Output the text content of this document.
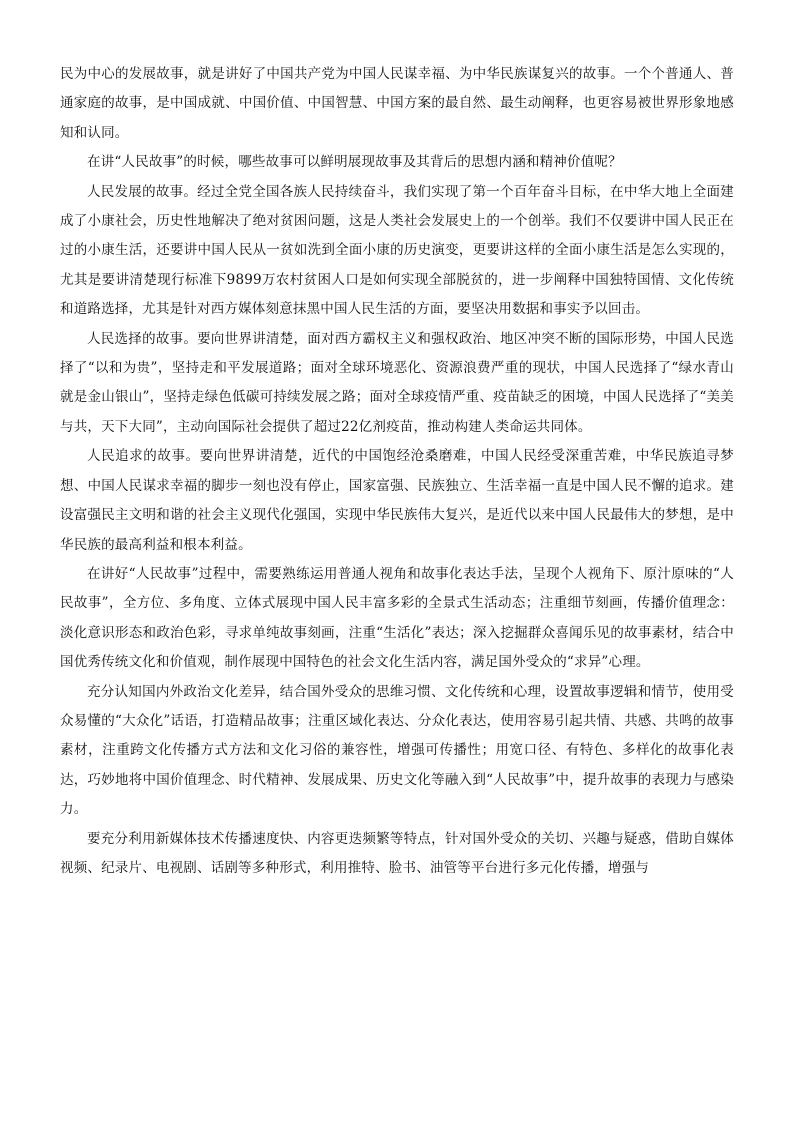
民为中心的发展故事，就是讲好了中国共产党为中国人民谋幸福、为中华民族谋复兴的故事。一个个普通人、普通家庭的故事，是中国成就、中国价值、中国智慧、中国方案的最自然、最生动阐释，也更容易被世界形象地感知和认同。

在讲“人民故事”的时候，哪些故事可以鲜明展现故事及其背后的思想内涵和精神价值呢？

人民发展的故事。经过全党全国各族人民持续奋斗，我们实现了第一个百年奋斗目标，在中华大地上全面建成了小康社会，历史性地解决了绝对贫困问题，这是人类社会发展史上的一个创举。我们不仅要讲中国人民正在过的小康生活，还要讲中国人民从一贫如洗到全面小康的历史演变，更要讲这样的全面小康生活是怎么实现的，尤其是要讲清楚现行标准下9899万农村贫困人口是如何实现全部脱贫的，进一步阐释中国独特国情、文化传统和道路选择，尤其是针对西方媒体刻意抹黑中国人民生活的方面，要坚决用数据和事实予以回击。

人民选择的故事。要向世界讲清楚，面对西方霸权主义和强权政治、地区冲突不断的国际形势，中国人民选择了“以和为贵”，坚持走和平发展道路；面对全球环境恶化、资源浪费严重的现状，中国人民选择了“绿水青山就是金山银山”，坚持走绿色低碳可持续发展之路；面对全球疫情严重、疫苗缺乏的困境，中国人民选择了“美美与共，天下大同”，主动向国际社会提供了超过22亿剂疫苗，推动构建人类命运共同体。

人民追求的故事。要向世界讲清楚，近代的中国饱经沧桑磨难，中国人民经受深重苦难，中华民族追寻梦想、中国人民谋求幸福的脚步一刻也没有停止，国家富强、民族独立、生活幸福一直是中国人民不懈的追求。建设富强民主文明和谐的社会主义现代化强国，实现中华民族伟大复兴，是近代以来中国人民最伟大的梦想，是中华民族的最高利益和根本利益。

在讲好“人民故事”过程中，需要熟练运用普通人视角和故事化表达手法，呈现个人视角下、原汁原味的“人民故事”，全方位、多角度、立体式展现中国人民丰富多彩的全景式生活动态；注重细节刻画，传播价值理念：淡化意识形态和政治色彩，寻求单纯故事刻画，注重“生活化”表达；深入挖掘群众喜闻乐见的故事素材，结合中国优秀传统文化和价值观，制作展现中国特色的社会文化生活内容，满足国外受众的“求异”心理。

充分认知国内外政治文化差异，结合国外受众的思维习惯、文化传统和心理，设置故事逻辑和情节，使用受众易懂的“大众化”话语，打造精品故事；注重区域化表达、分众化表达，使用容易引起共情、共感、共鸣的故事素材，注重跨文化传播方式方法和文化习俗的兼容性，增强可传播性；用宽口径、有特色、多样化的故事化表达，巧妙地将中国价值理念、时代精神、发展成果、历史文化等融入到“人民故事”中，提升故事的表现力与感染力。

要充分利用新媒体技术传播速度快、内容更迭频繁等特点，针对国外受众的关切、兴趣与疑惑，借助自媒体视频、纪录片、电视剧、话剧等多种形式，利用推特、脸书、油管等平台进行多元化传播，增强与
